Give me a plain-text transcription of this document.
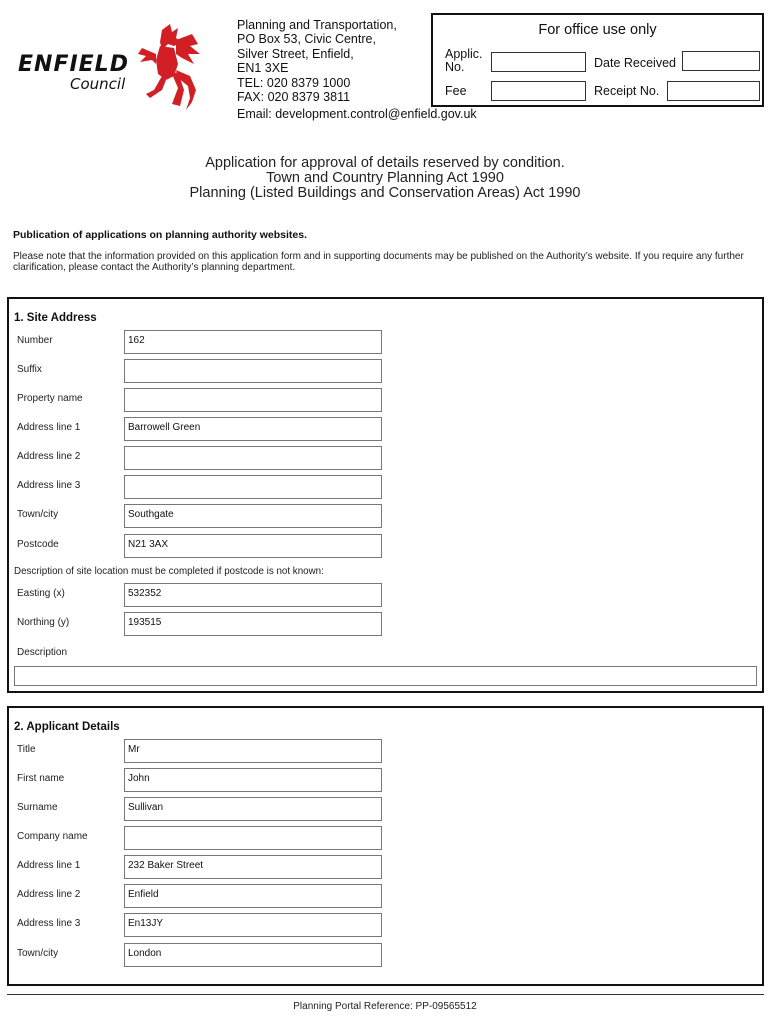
ENFIELD
Council
Planning and Transportation,
PO Box 53, Civic Centre,
Silver Street, Enfield,
EN1 3XE
TEL: 020 8379 1000
FAX: 020 8379 3811
Email: development.control@enfield.gov.uk
For office use only
Applic.
No.	Date Received
Fee	Receipt No.
Application for approval of details reserved by condition.
Town and Country Planning Act 1990
Planning (Listed Buildings and Conservation Areas) Act 1990
Publication of applications on planning authority websites.
Please note that the information provided on this application form and in supporting documents may be published on the Authority’s website. If you require any further clarification, please contact the Authority’s planning department.
1. Site Address
Number	162
Suffix
Property name
Address line 1	Barrowell Green
Address line 2
Address line 3
Town/city	Southgate
Postcode	N21 3AX
Description of site location must be completed if postcode is not known:
Easting (x)	532352
Northing (y)	193515
Description
2. Applicant Details
Title	Mr
First name	John
Surname	Sullivan
Company name
Address line 1	232 Baker Street
Address line 2	Enfield
Address line 3	En13JY
Town/city	London
Planning Portal Reference: PP-09565512
